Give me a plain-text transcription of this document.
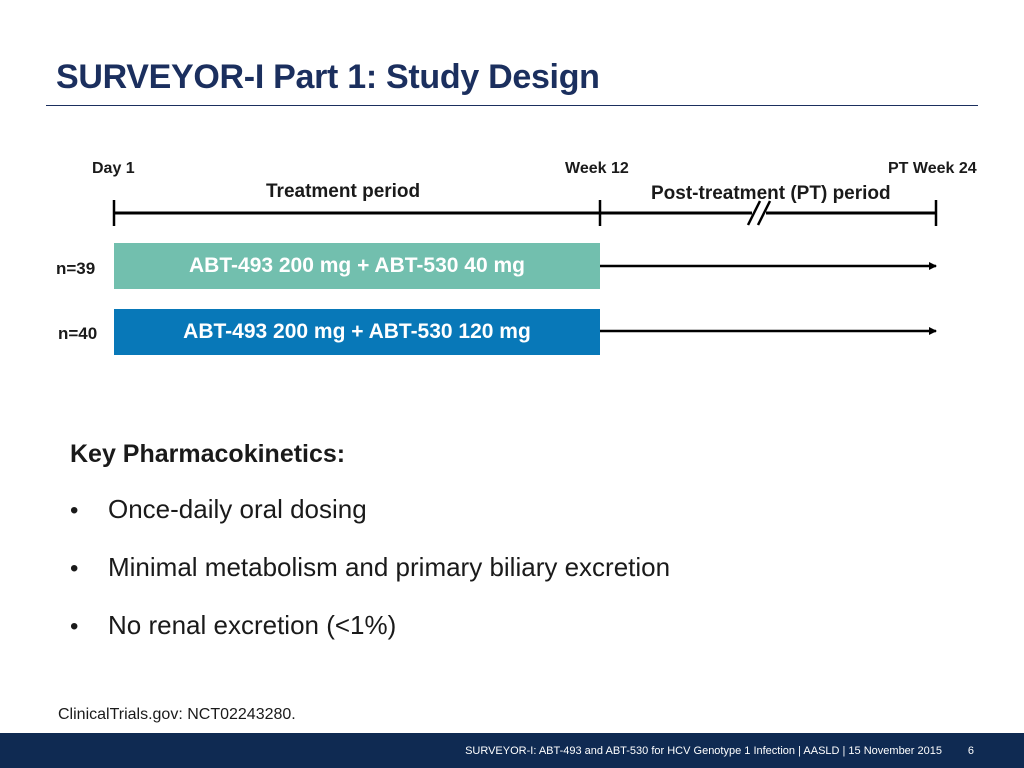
SURVEYOR-I Part 1: Study Design
Day 1	Week 12	PT Week 24
Treatment period	Post-treatment (PT) period
n=39	ABT-493 200 mg + ABT-530 40 mg
n=40	ABT-493 200 mg + ABT-530 120 mg
Key Pharmacokinetics:
•	Once-daily oral dosing
•	Minimal metabolism and primary biliary excretion
•	No renal excretion (<1%)
ClinicalTrials.gov: NCT02243280.
SURVEYOR-I: ABT-493 and ABT-530 for HCV Genotype 1 Infection | AASLD | 15 November 2015 6
